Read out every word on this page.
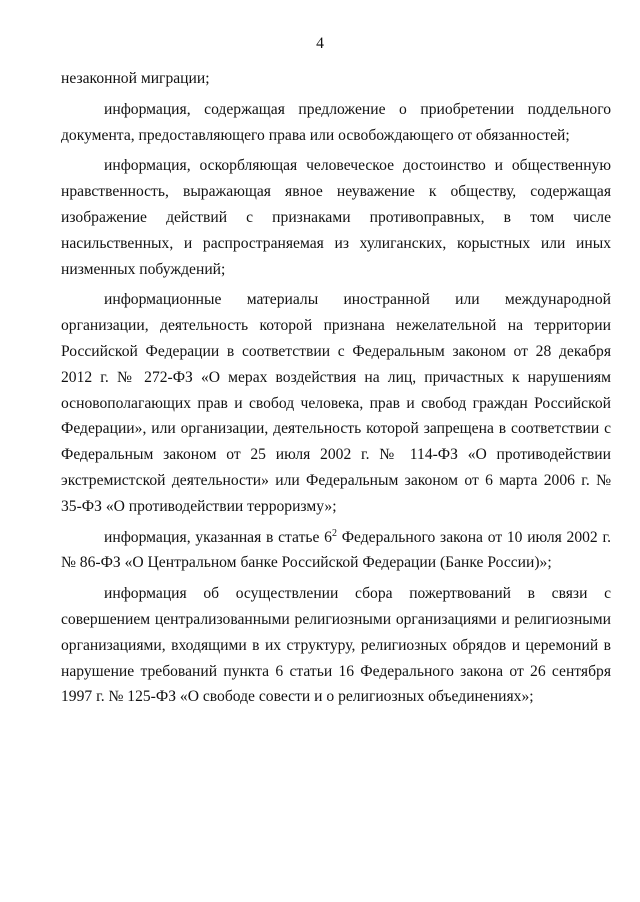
4

незаконной миграции;

информация, содержащая предложение о приобретении поддельного документа, предоставляющего права или освобождающего от обязанностей;

информация, оскорбляющая человеческое достоинство и общественную нравственность, выражающая явное неуважение к обществу, содержащая изображение действий с признаками противоправных, в том числе насильственных, и распространяемая из хулиганских, корыстных или иных низменных побуждений;

информационные материалы иностранной или международной организации, деятельность которой признана нежелательной на территории Российской Федерации в соответствии с Федеральным законом от 28 декабря 2012 г. № 272-ФЗ «О мерах воздействия на лиц, причастных к нарушениям основополагающих прав и свобод человека, прав и свобод граждан Российской Федерации», или организации, деятельность которой запрещена в соответствии с Федеральным законом от 25 июля 2002 г. № 114-ФЗ «О противодействии экстремистской деятельности» или Федеральным законом от 6 марта 2006 г. № 35-ФЗ «О противодействии терроризму»;

информация, указанная в статье $6^2$ Федерального закона от 10 июля 2002 г. № 86-ФЗ «О Центральном банке Российской Федерации (Банке России)»;

информация об осуществлении сбора пожертвований в связи с совершением централизованными религиозными организациями и религиозными организациями, входящими в их структуру, религиозных обрядов и церемоний в нарушение требований пункта 6 статьи 16 Федерального закона от 26 сентября 1997 г. № 125-ФЗ «О свободе совести и о религиозных объединениях»;
